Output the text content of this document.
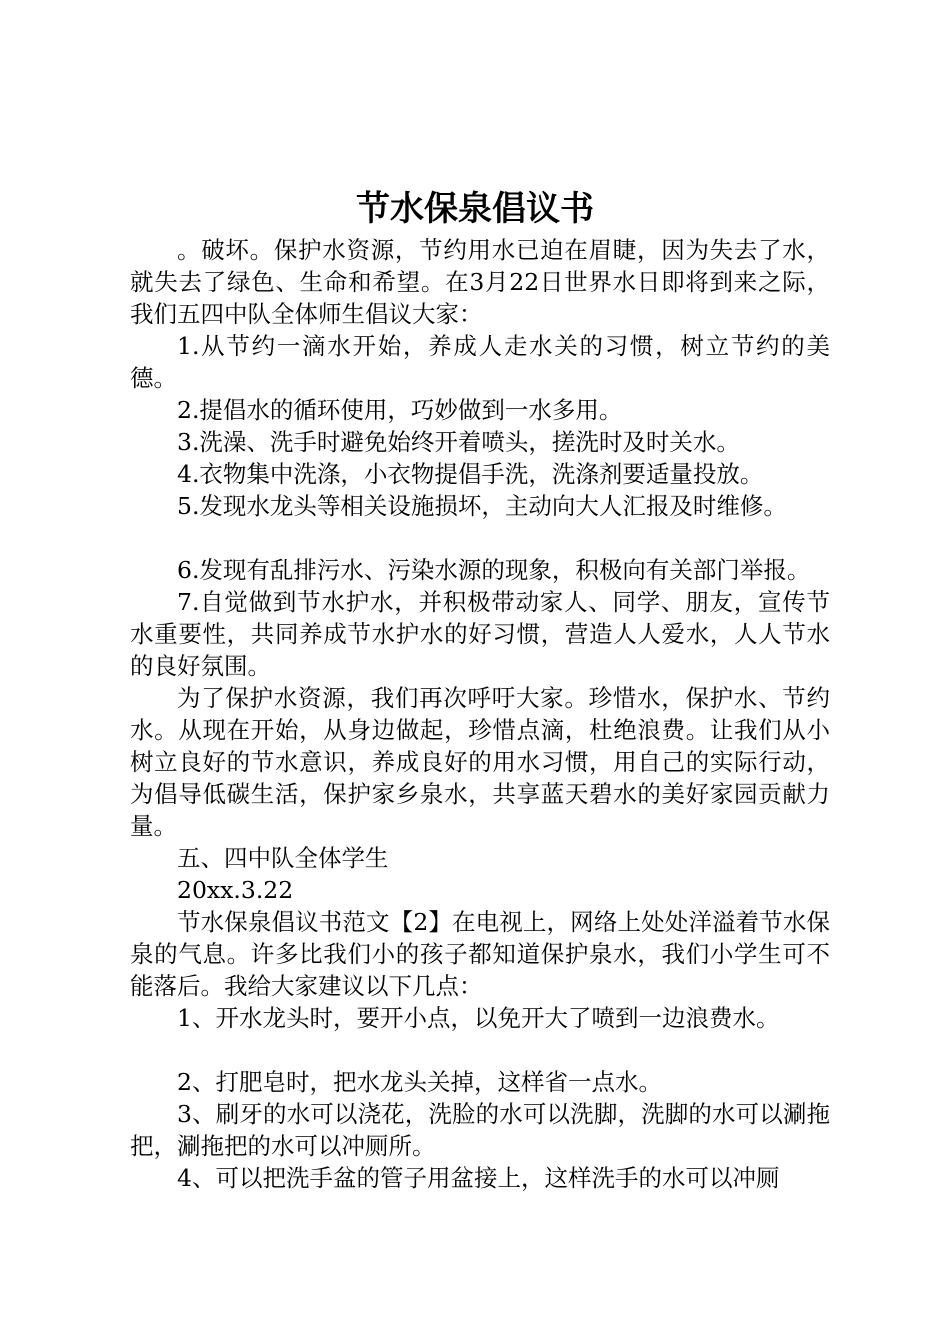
节水保泉倡议书

。破坏。保护水资源，节约用水已迫在眉睫，因为失去了水，就失去了绿色、生命和希望。在3月22日世界水日即将到来之际，我们五四中队全体师生倡议大家：

1.从节约一滴水开始，养成人走水关的习惯，树立节约的美德。

2.提倡水的循环使用，巧妙做到一水多用。

3.洗澡、洗手时避免始终开着喷头，搓洗时及时关水。

4.衣物集中洗涤，小衣物提倡手洗，洗涤剂要适量投放。

5.发现水龙头等相关设施损坏，主动向大人汇报及时维修。

6.发现有乱排污水、污染水源的现象，积极向有关部门举报。

7.自觉做到节水护水，并积极带动家人、同学、朋友，宣传节水重要性，共同养成节水护水的好习惯，营造人人爱水，人人节水的良好氛围。

为了保护水资源，我们再次呼吁大家。珍惜水，保护水、节约水。从现在开始，从身边做起，珍惜点滴，杜绝浪费。让我们从小树立良好的节水意识，养成良好的用水习惯，用自己的实际行动，为倡导低碳生活，保护家乡泉水，共享蓝天碧水的美好家园贡献力量。

五、四中队全体学生

20xx.3.22

节水保泉倡议书范文【2】在电视上，网络上处处洋溢着节水保泉的气息。许多比我们小的孩子都知道保护泉水，我们小学生可不能落后。我给大家建议以下几点：

1、开水龙头时，要开小点，以免开大了喷到一边浪费水。

2、打肥皂时，把水龙头关掉，这样省一点水。

3、刷牙的水可以浇花，洗脸的水可以洗脚，洗脚的水可以涮拖把，涮拖把的水可以冲厕所。

4、可以把洗手盆的管子用盆接上，这样洗手的水可以冲厕
